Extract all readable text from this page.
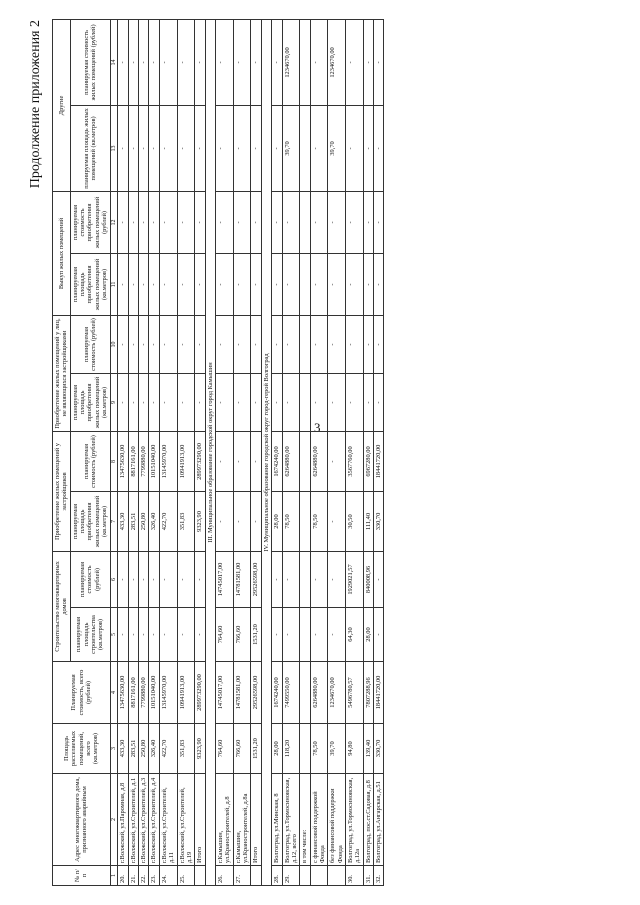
3
Продолжение приложения 2
№ п/п	Адрес многоквартирного дома, признанного аварийным	Площадь расселяемых помещений, всего (кв.метров)	Планируемая стоимость, всего (рублей)	Строительство многоквартирных домов		Приобретение жилых помещений у застройщиков		Приобретение жилых помещений у лиц, не являющихся застройщиками		Выкуп жилых помещений		Другие	
				планируемая площадь строительства (кв.метров)	планируемая стоимость (рублей)	планируемая площадь приобретения жилых помещений (кв.метров)	планируемая стоимость (рублей)	планируемая площадь приобретения жилых помещений (кв.метров)	планируемая стоимость (рублей)	планируемая площадь приобретения жилых помещений (кв.метров)	планируемая стоимость приобретения жилых помещений (рублей)	планируемая площадь жилых помещений (кв.метров)	планируемая стоимость жилых помещений (рублей)
1	2	3	4	5	6	7	8	9	10	11	12	13	14
20.	г.Волжский, ул.Паромная, д.8	433,30	13475630,00	-	-	433,30	13475630,00	-	-	-	-	-	-
21.	г.Волжский, ул.Строителей, д.1	283,51	8817161,00	-	-	283,51	8817161,00	-	-	-	-	-	-
22.	г.Волжский, ул.Строителей, д.3	250,80	7799880,00	-	-	250,80	7799880,00	-	-	-	-	-	-
23.	г.Волжский, ул.Строителей, д.4	326,40	10151040,00	-	-	326,40	10151040,00	-	-	-	-	-	-
24.	г.Волжский, ул.Строителей, д.11	422,70	13145970,00	-	-	422,70	13145970,00	-	-	-	-	-	-
25.	г.Волжский, ул.Строителей, д.19	351,83	10941913,00	-	-	351,83	10941913,00	-	-	-	-	-	-
	Итого	9323,90	289973290,00	-	-	9323,90	289973290,00	-	-	-	-	-	-
III. Муниципальное образование городской округ город Камышин													
26.	г.Камышин, ул.Краностроителей, д.8	764,60	14745017,00	764,60	14745017,00	-	-	-	-	-	-	-	-
27.	г.Камышин, ул.Краностроителей, д.8а	766,60	14781581,00	766,60	14781581,00	-	-	-	-	-	-	-	-
	Итого	1531,20	29526598,00	1531,20	29526598,00	-	-	-	-	-	-	-	-
IV. Муниципальное образование городской округ город-герой Волгоград													
28.	Волгоград, ул.Минская, 8	28,00	1674240,00	-	-	28,00	1674240,00	-	-	-	-	-	-
29.	Волгоград, ул.Тормосиновская, д.12, всего	118,20	7499550,00	-	-	78,50	6264880,00	-	-	-	-	39,70	1234670,00
	в том числе:												
	с финансовой поддержкой Фонда	78,50	6264880,00	-	-	78,50	6264880,00	-	-	-	-	-	-
	без финансовой поддержки Фонда	39,70	1234670,00	-	-	-	-	-	-	-	-	39,70	1234670,00
30.	Волгоград, ул.Тормосиновская, д.12а	94,80	5496780,57	64,30	1929021,57	30,50	3567760,00	-	-	-	-	-	-
31.	Волгоград, пос.ст.Садовая, д.8	139,40	7807288,96	28,00	840008,96	111,40	6967280,00	-	-	-	-	-	-
32.	Волгоград, ул.Ангарская, д.51	330,70	18441720,00	-	-	330,70	18441720,00	-	-	-	-	-	-
